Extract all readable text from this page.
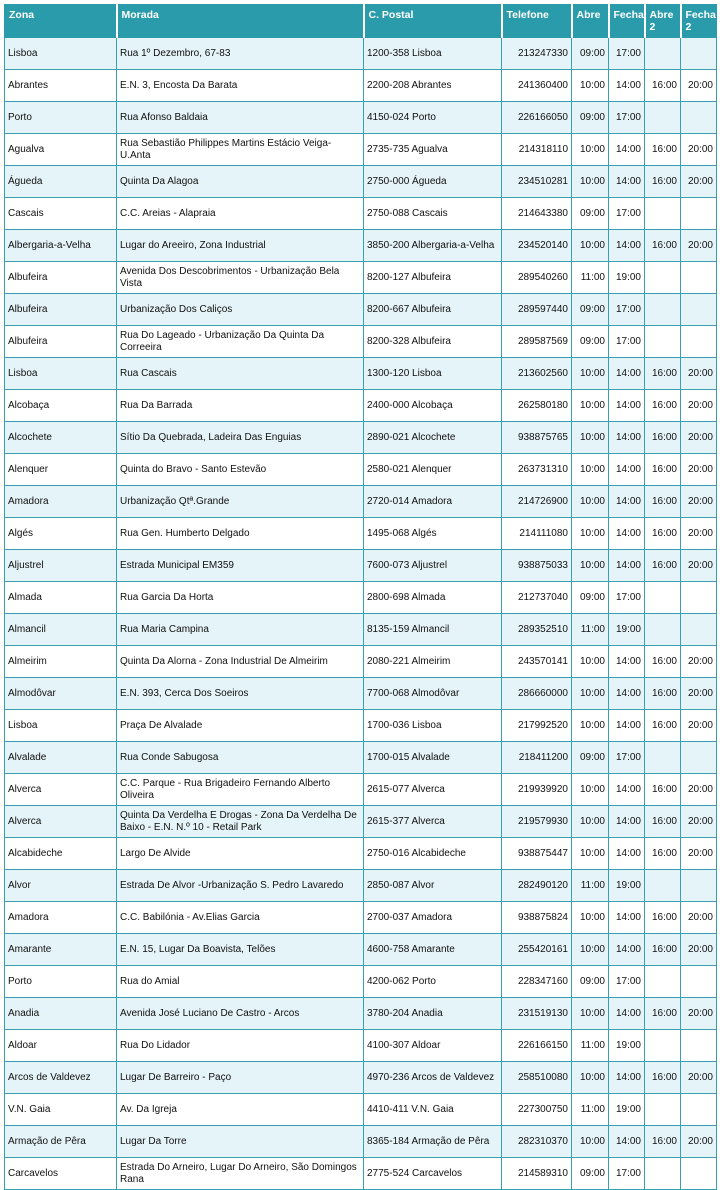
Zona	Morada	C. Postal	Telefone	Abre	Fecha	Abre 2	Fecha 2
Lisboa	Rua 1º Dezembro, 67-83	1200-358 Lisboa	213247330	09:00	17:00		
Abrantes	E.N. 3, Encosta Da Barata	2200-208 Abrantes	241360400	10:00	14:00	16:00	20:00
Porto	Rua Afonso Baldaia	4150-024 Porto	226166050	09:00	17:00		
Agualva	Rua Sebastião Philippes Martins Estácio Veiga-U.Anta	2735-735 Agualva	214318110	10:00	14:00	16:00	20:00
Águeda	Quinta Da Alagoa	2750-000 Águeda	234510281	10:00	14:00	16:00	20:00
Cascais	C.C. Areias - Alapraia	2750-088 Cascais	214643380	09:00	17:00		
Albergaria-a-Velha	Lugar do Areeiro, Zona Industrial	3850-200 Albergaria-a-Velha	234520140	10:00	14:00	16:00	20:00
Albufeira	Avenida Dos Descobrimentos - Urbanização Bela Vista	8200-127 Albufeira	289540260	11:00	19:00		
Albufeira	Urbanização Dos Caliços	8200-667 Albufeira	289597440	09:00	17:00		
Albufeira	Rua Do Lageado - Urbanização Da Quinta Da Correeira	8200-328 Albufeira	289587569	09:00	17:00		
Lisboa	Rua Cascais	1300-120 Lisboa	213602560	10:00	14:00	16:00	20:00
Alcobaça	Rua Da Barrada	2400-000 Alcobaça	262580180	10:00	14:00	16:00	20:00
Alcochete	Sítio Da Quebrada, Ladeira Das Enguias	2890-021 Alcochete	938875765	10:00	14:00	16:00	20:00
Alenquer	Quinta do Bravo - Santo Estevão	2580-021 Alenquer	263731310	10:00	14:00	16:00	20:00
Amadora	Urbanização Qtª.Grande	2720-014 Amadora	214726900	10:00	14:00	16:00	20:00
Algés	Rua Gen. Humberto Delgado	1495-068 Algés	214111080	10:00	14:00	16:00	20:00
Aljustrel	Estrada Municipal EM359	7600-073 Aljustrel	938875033	10:00	14:00	16:00	20:00
Almada	Rua Garcia Da Horta	2800-698 Almada	212737040	09:00	17:00		
Almancil	Rua Maria Campina	8135-159 Almancil	289352510	11:00	19:00		
Almeirim	Quinta Da Alorna - Zona Industrial De Almeirim	2080-221 Almeirim	243570141	10:00	14:00	16:00	20:00
Almodôvar	E.N. 393, Cerca Dos Soeiros	7700-068 Almodôvar	286660000	10:00	14:00	16:00	20:00
Lisboa	Praça De Alvalade	1700-036 Lisboa	217992520	10:00	14:00	16:00	20:00
Alvalade	Rua Conde Sabugosa	1700-015 Alvalade	218411200	09:00	17:00		
Alverca	C.C. Parque - Rua Brigadeiro Fernando Alberto Oliveira	2615-077 Alverca	219939920	10:00	14:00	16:00	20:00
Alverca	Quinta Da Verdelha E Drogas - Zona Da Verdelha De Baixo - E.N. N.º 10 - Retail Park	2615-377 Alverca	219579930	10:00	14:00	16:00	20:00
Alcabideche	Largo De Alvide	2750-016 Alcabideche	938875447	10:00	14:00	16:00	20:00
Alvor	Estrada De Alvor -Urbanização S. Pedro Lavaredo	2850-087 Alvor	282490120	11:00	19:00		
Amadora	C.C. Babilónia - Av.Elias Garcia	2700-037 Amadora	938875824	10:00	14:00	16:00	20:00
Amarante	E.N. 15, Lugar Da Boavista, Telões	4600-758 Amarante	255420161	10:00	14:00	16:00	20:00
Porto	Rua do Amial	4200-062 Porto	228347160	09:00	17:00		
Anadia	Avenida José Luciano De Castro - Arcos	3780-204 Anadia	231519130	10:00	14:00	16:00	20:00
Aldoar	Rua Do Lidador	4100-307 Aldoar	226166150	11:00	19:00		
Arcos de Valdevez	Lugar De Barreiro - Paço	4970-236 Arcos de Valdevez	258510080	10:00	14:00	16:00	20:00
V.N. Gaia	Av. Da Igreja	4410-411 V.N. Gaia	227300750	11:00	19:00		
Armação de Pêra	Lugar Da Torre	8365-184 Armação de Pêra	282310370	10:00	14:00	16:00	20:00
Carcavelos	Estrada Do Arneiro, Lugar Do Arneiro, São Domingos Rana	2775-524 Carcavelos	214589310	09:00	17:00		
